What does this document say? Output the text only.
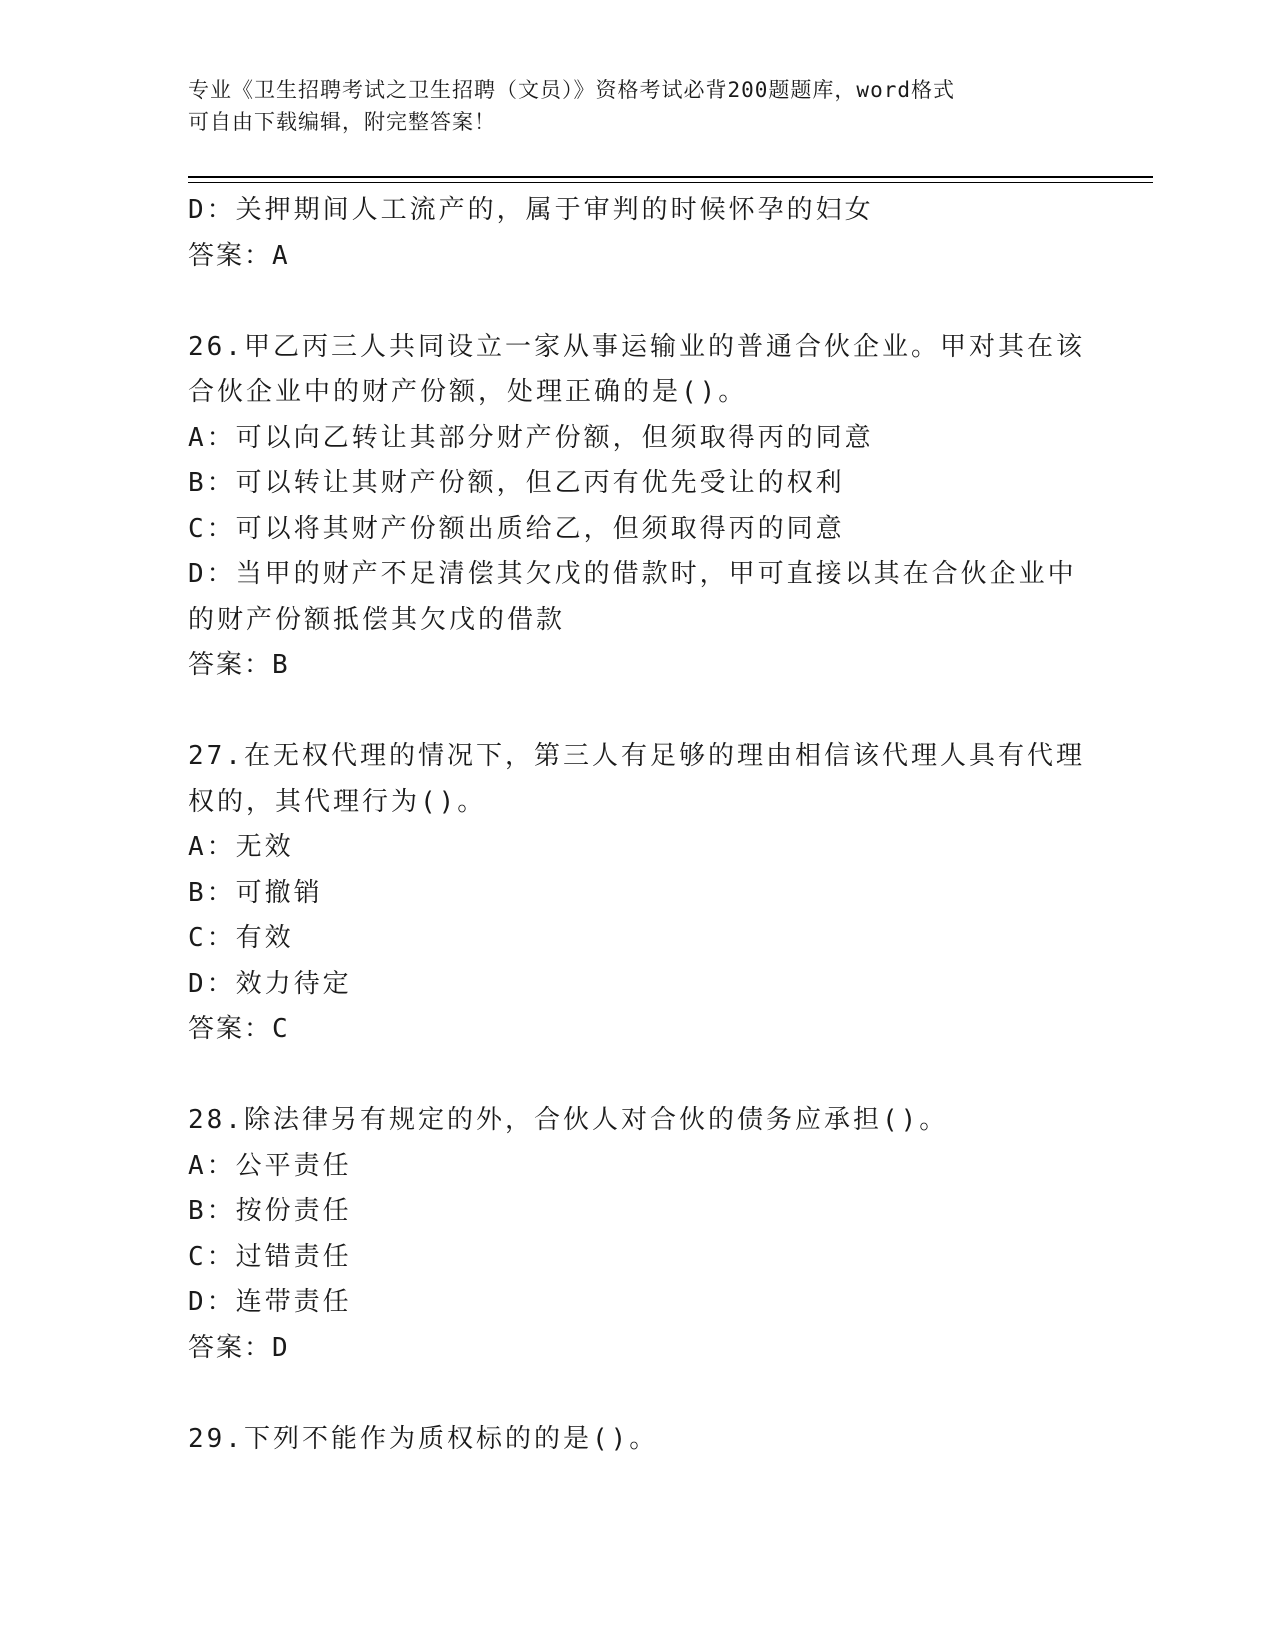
专业《卫生招聘考试之卫生招聘（文员）》资格考试必背200题题库，word格式
可自由下载编辑，附完整答案！
D：关押期间人工流产的，属于审判的时候怀孕的妇女
答案：A
26.甲乙丙三人共同设立一家从事运输业的普通合伙企业。甲对其在该
合伙企业中的财产份额，处理正确的是()。
A：可以向乙转让其部分财产份额，但须取得丙的同意
B：可以转让其财产份额，但乙丙有优先受让的权利
C：可以将其财产份额出质给乙，但须取得丙的同意
D：当甲的财产不足清偿其欠戊的借款时，甲可直接以其在合伙企业中
的财产份额抵偿其欠戊的借款
答案：B
27.在无权代理的情况下，第三人有足够的理由相信该代理人具有代理
权的，其代理行为()。
A：无效
B：可撤销
C：有效
D：效力待定
答案：C
28.除法律另有规定的外，合伙人对合伙的债务应承担()。
A：公平责任
B：按份责任
C：过错责任
D：连带责任
答案：D
29.下列不能作为质权标的的是()。
